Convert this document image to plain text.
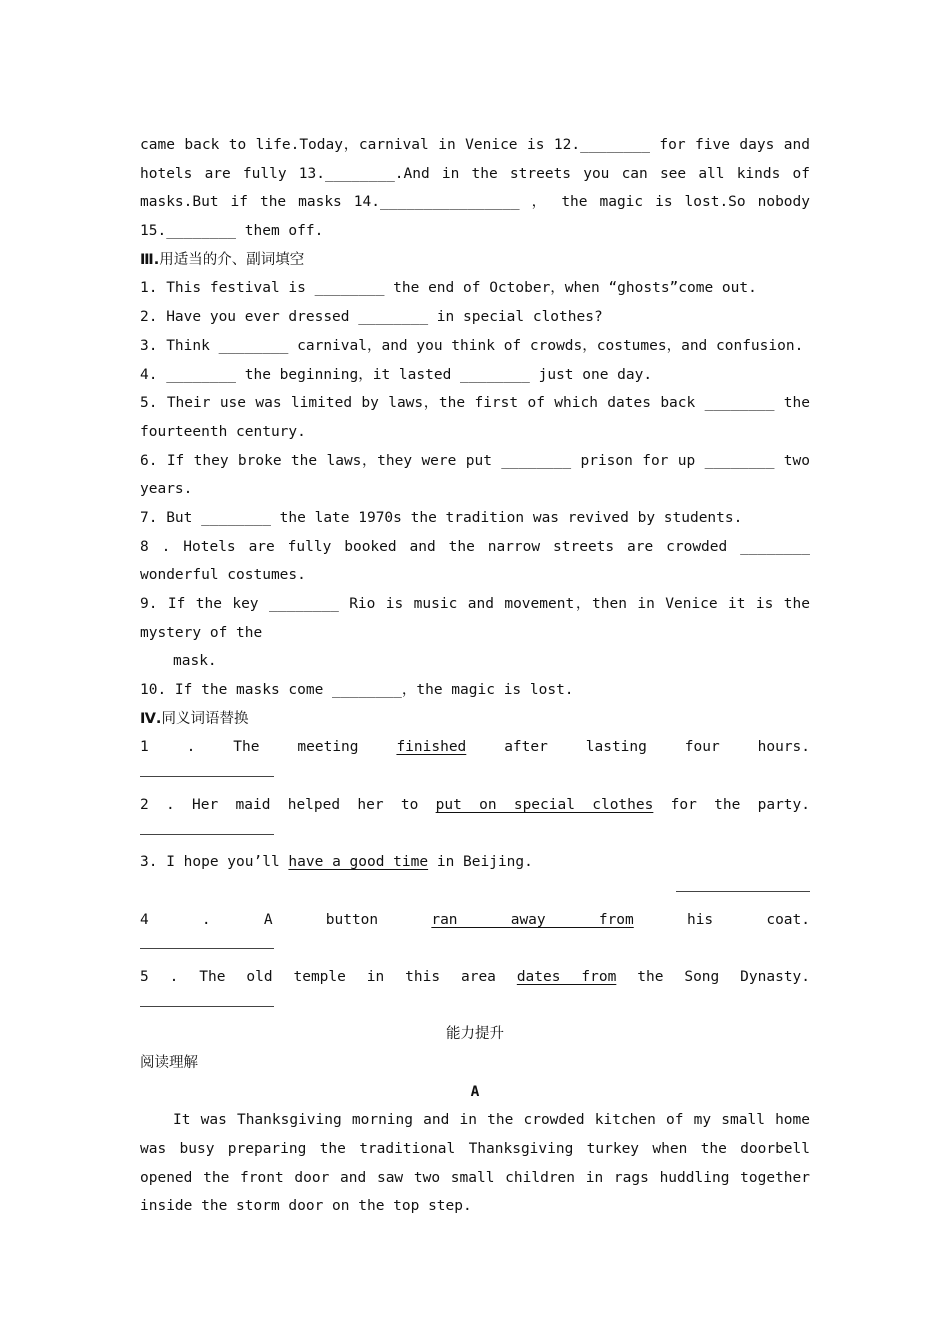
came back to life.Today，carnival in Venice is 12.________ for five days and
hotels are fully 13.________.And in the streets you can see all kinds of
masks.But if the masks 14.________________ ， the magic is lost.So nobody
15.________ them off.
Ⅲ.用适当的介、副词填空
1. This festival is ________ the end of October，when “ghosts”come out.
2. Have you ever dressed ________ in special clothes?
3. Think ________ carnival，and you think of crowds，costumes，and confusion.
4. ________ the beginning，it lasted ________ just one day.
5. Their use was limited by laws，the first of which dates back ________ the
fourteenth century.
6. If they broke the laws，they were put ________ prison for up ________ two
years.
7. But ________ the late 1970s the tradition was revived by students.
8 . Hotels are fully booked and the narrow streets are crowded ________
wonderful costumes.
9. If the key ________ Rio is music and movement，then in Venice it is the
mystery of the
mask.
10. If the masks come ________，the magic is lost.
Ⅳ.同义词语替换
1 . The meeting	finished	after lasting four hours.
2 . Her maid helped her to put on special clothes for the party.
3. I hope you’ll have a good time in Beijing.
4 . A button	ran away from	his coat.
5 . The old temple in this area dates from the Song Dynasty.
能力提升
阅读理解
A
It was Thanksgiving morning and in the crowded kitchen of my small home
was busy preparing the traditional Thanksgiving turkey when the doorbell
opened the front door and saw two small children in rags huddling together
inside the storm door on the top step.
